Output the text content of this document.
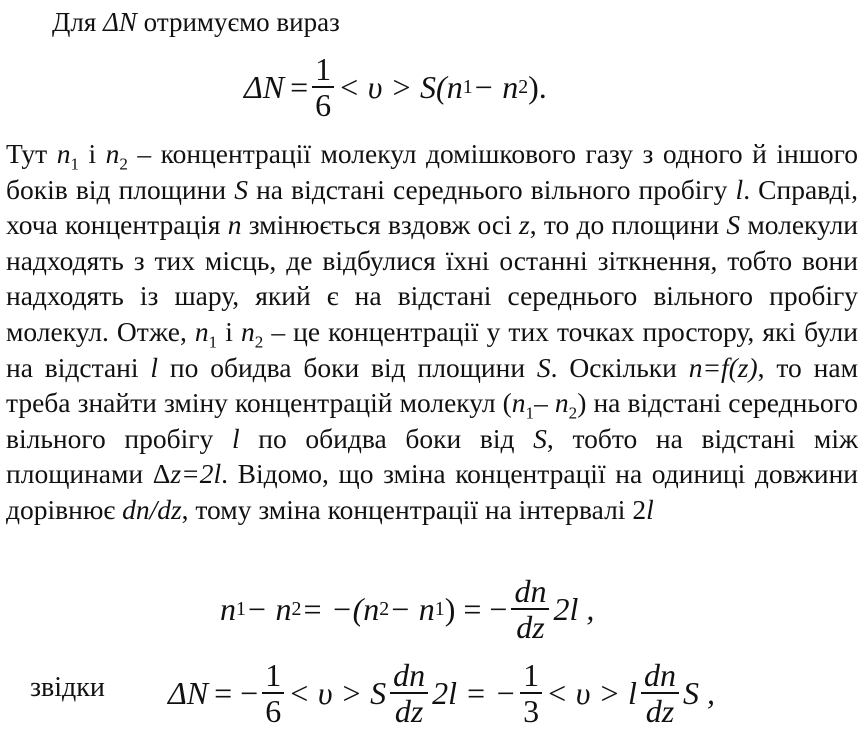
Для ΔN отримуємо вираз
$\Delta N = \frac{1}{6} < \upsilon > S(n$ 1 − n 2 ).
Тут $n_1$ і $n_2$ – концентрації молекул домішкового газу з одного й іншого боків від площини S на відстані середнього вільного пробігу l. Справді, хоча концентрація n змінюється вздовж осі z, то до площини S молекули надходять з тих місць, де відбулися їхні останні зіткнення, тобто вони надходять із шару, який є на відстані середнього вільного пробігу молекул. Отже, $n_1$ і $n_2$ – це концентрації у тих точках простору, які були на відстані l по обидва боки від площини S. Оскільки n=f(z), то нам треба знайти зміну концентрацій молекул ($n_1-$ $n_2$) на відстані середнього вільного пробігу l по обидва боки від S, тобто на відстані між площинами Δz=2l. Відомо, що зміна концентрації на одиниці довжини дорівнює dn/dz, тому зміна концентрації на інтервалі 2l
n 1 − n 2 = −(n 2 − n 1 ) = − $\frac{dn}{dz} 2l$ ,
звідки ΔN = − $\frac{1}{6} < \upsilon > S \frac{dn}{dz} 2l$ = − $\frac{1}{3} < \upsilon > l \frac{dn}{dz}$ S ,
